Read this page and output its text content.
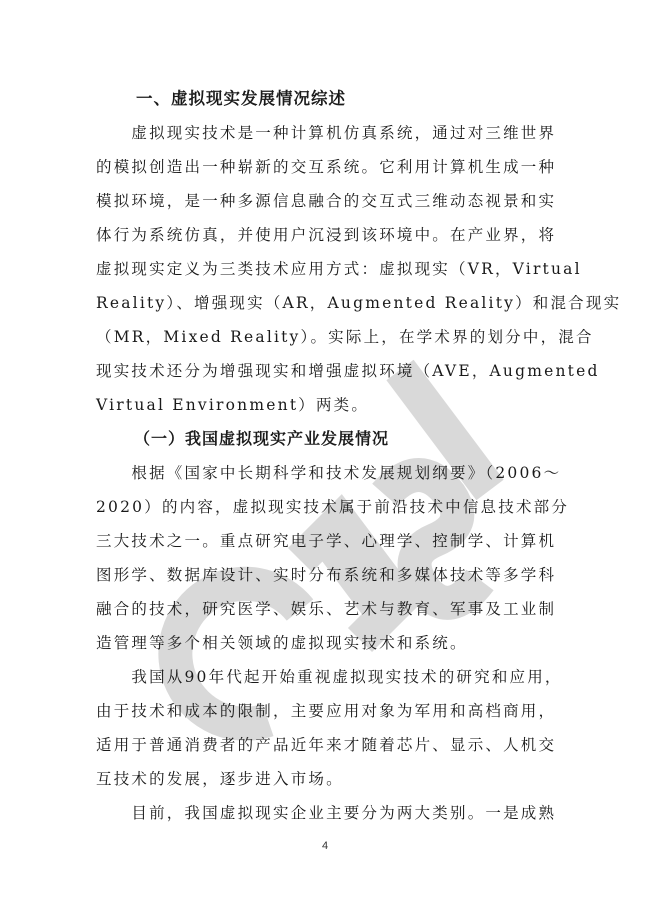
一、虚拟现实发展情况综述

　　虚拟现实技术是一种计算机仿真系统，通过对三维世界
的模拟创造出一种崭新的交互系统。它利用计算机生成一种
模拟环境，是一种多源信息融合的交互式三维动态视景和实
体行为系统仿真，并使用户沉浸到该环境中。在产业界，将
虚拟现实定义为三类技术应用方式：虚拟现实（VR，Virtual
Reality）、增强现实（AR，Augmented Reality）和混合现实
（MR，Mixed Reality）。实际上，在学术界的划分中，混合
现实技术还分为增强现实和增强虚拟环境（AVE，Augmented
Virtual Environment）两类。

（一）我国虚拟现实产业发展情况

　　根据《国家中长期科学和技术发展规划纲要》（2006～
2020）的内容，虚拟现实技术属于前沿技术中信息技术部分
三大技术之一。重点研究电子学、心理学、控制学、计算机
图形学、数据库设计、实时分布系统和多媒体技术等多学科
融合的技术，研究医学、娱乐、艺术与教育、军事及工业制
造管理等多个相关领域的虚拟现实技术和系统。

　　我国从90年代起开始重视虚拟现实技术的研究和应用，
由于技术和成本的限制，主要应用对象为军用和高档商用，
适用于普通消费者的产品近年来才随着芯片、显示、人机交
互技术的发展，逐步进入市场。

　　目前，我国虚拟现实企业主要分为两大类别。一是成熟

4
